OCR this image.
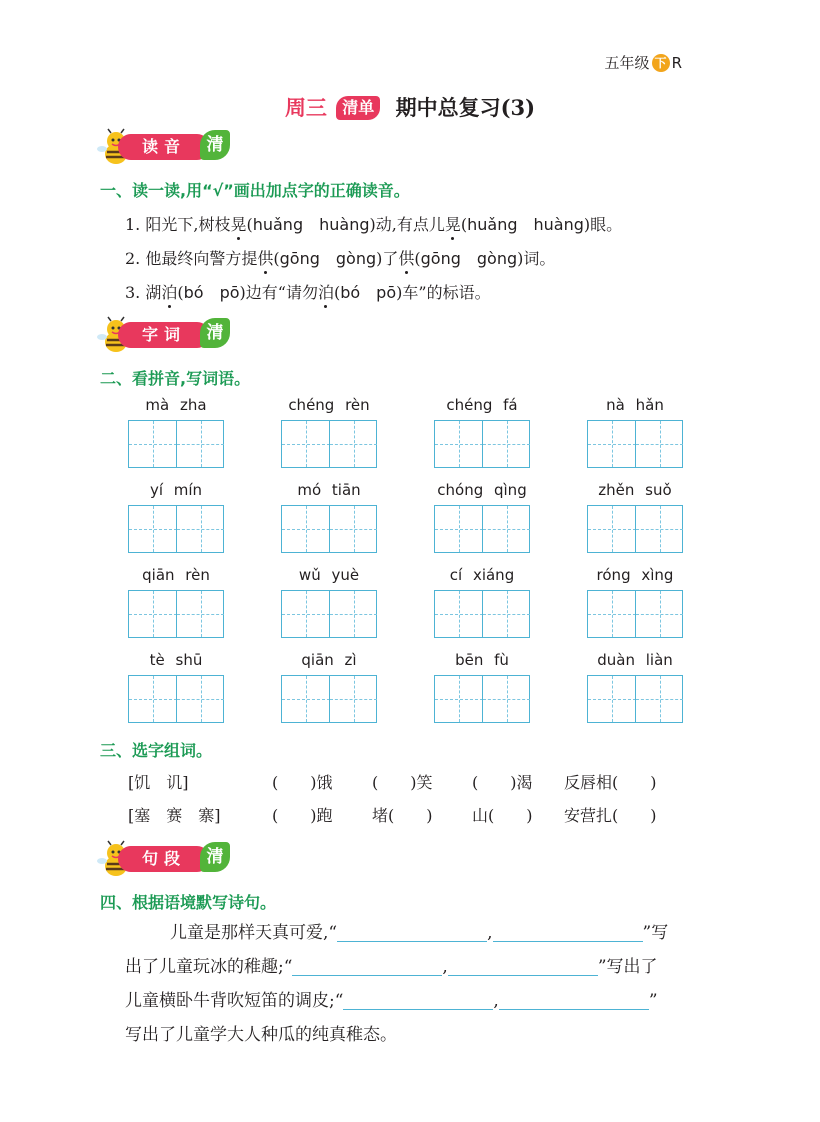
五年级 下 R
周三 清单 期中总复习(3)
读音	清
一、读一读,用“√”画出加点字的正确读音。
1. 阳光下,树枝晃(huǎng　huàng)动,有点儿晃(huǎng　huàng)眼。
2. 他最终向警方提供(gōng　gòng)了供(gōng　gòng)词。
3. 湖泊(bó　pō)边有“请勿泊(bó　pō)车”的标语。
字词	清
二、看拼音,写词语。
mà zha	chéng rèn	chéng fá	nà hǎn
yí mín	mó tiān	chóng qìng	zhěn suǒ
qiān rèn	wǔ yuè	cí xiáng	róng xìng
tè shū	qiān zì	bēn fù	duàn liàn
三、选字组词。
[饥　讥]	(　　)饿 (　　)笑 (　　)渴 反唇相(　　)
[塞　赛　寨]	(　　)跑 堵(　　) 山(　　) 安营扎(　　)
句段	清
四、根据语境默写诗句。
儿童是那样天真可爱,“	,	”写
出了儿童玩冰的稚趣;“	,	”写出了
儿童横卧牛背吹短笛的调皮;“	,	”
写出了儿童学大人种瓜的纯真稚态。
